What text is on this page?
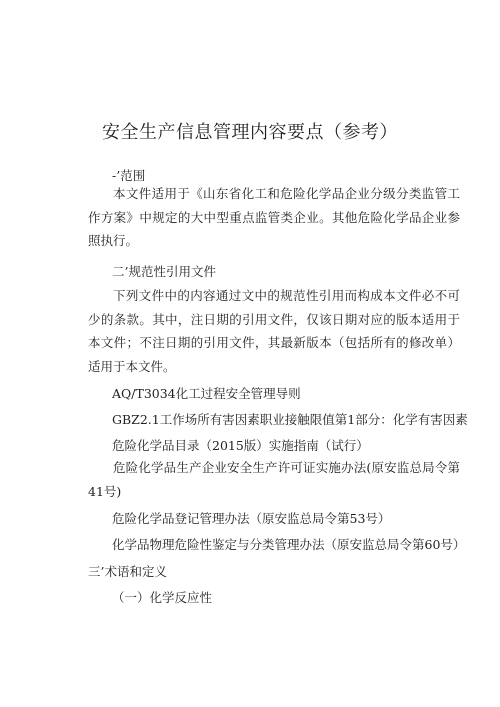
安全生产信息管理内容要点（参考）
-’范围

本文件适用于《山东省化工和危险化学品企业分级分类监管工作方案》中规定的大中型重点监管类企业。其他危险化学品企业参照执行。

二’规范性引用文件

下列文件中的内容通过文中的规范性引用而构成本文件必不可少的条款。其中，注日期的引用文件，仅该日期对应的版本适用于本文件；不注日期的引用文件，其最新版本（包括所有的修改单）适用于本文件。

AQ/T3034化工过程安全管理导则
GBZ2.1工作场所有害因素职业接触限值第1部分：化学有害因素
危险化学品目录（2015版）实施指南（试行）

危险化学品生产企业安全生产许可证实施办法(原安监总局令第41号)

危险化学品登记管理办法（原安监总局令第53号）
化学品物理危险性鉴定与分类管理办法（原安监总局令第60号）
三’术语和定义
（一）化学反应性
